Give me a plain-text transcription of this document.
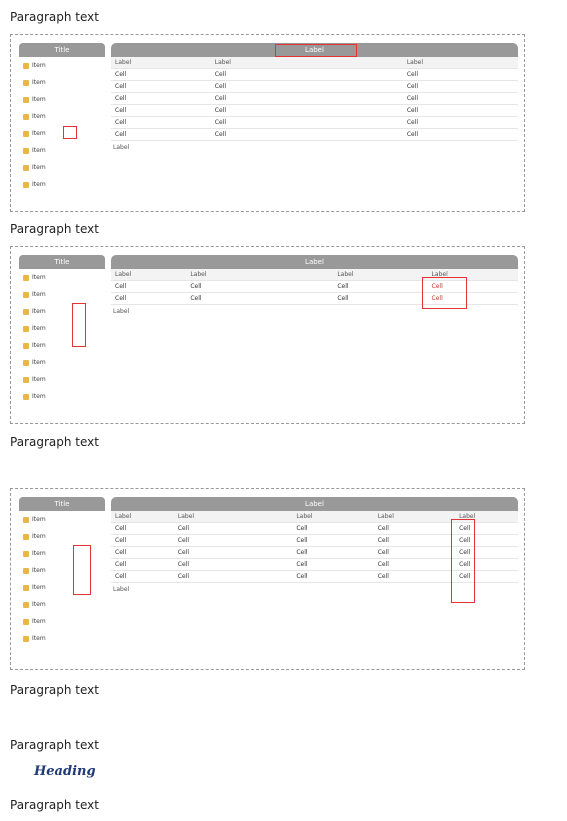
Paragraph text

Title
Item
Item
Item
Item
Item
Item
Item
Item
Label
Label	Label	Label
Cell	Cell	Cell
Cell	Cell	Cell
Cell	Cell	Cell
Cell	Cell	Cell
Cell	Cell	Cell
Cell	Cell	Cell
Label

Paragraph text

Title
Item
Item
Item
Item
Item
Item
Item
Item
Label
Label	Label	Label	Label
Cell	Cell	Cell	Cell
Cell	Cell	Cell	Cell
Label
Paragraph text
Title
Item
Item
Item
Item
Item
Item
Item
Item
Label
Label	Label	Label	Label	Label
Cell	Cell	Cell	Cell	Cell
Cell	Cell	Cell	Cell	Cell
Cell	Cell	Cell	Cell	Cell
Cell	Cell	Cell	Cell	Cell
Cell	Cell	Cell	Cell	Cell
Label
Paragraph text

Paragraph text

Heading

Paragraph text
